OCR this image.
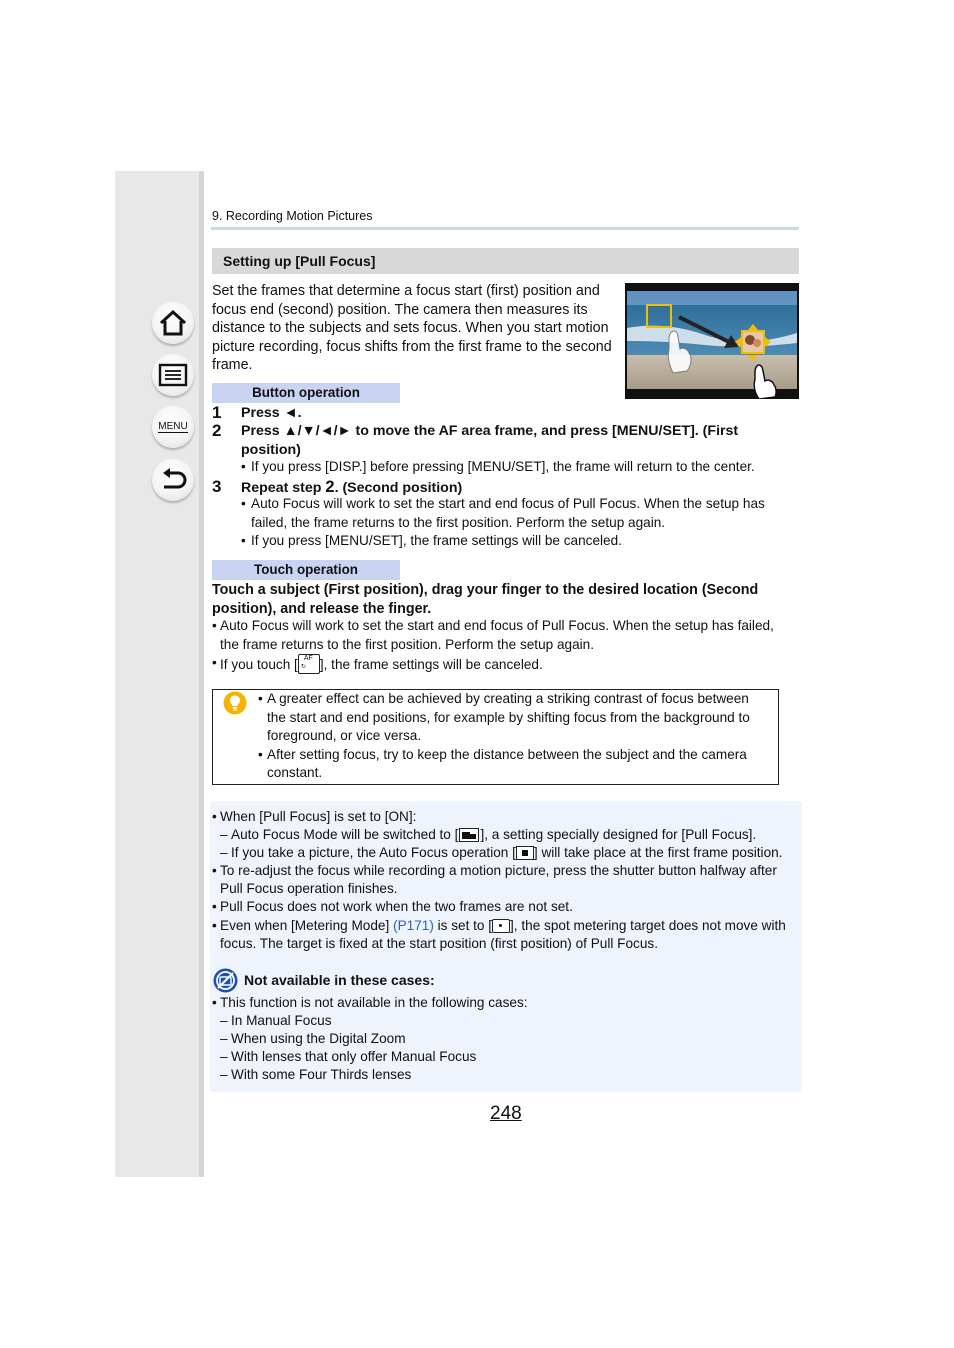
MENU
9. Recording Motion Pictures
Setting up [Pull Focus]
Set the frames that determine a focus start (first) position and focus end (second) position. The camera then measures its distance to the subjects and sets focus. When you start motion picture recording, focus shifts from the first frame to the second frame.
Button operation
1 Press ◄.
2 Press ▲/▼/◄/► to move the AF area frame, and press [MENU/SET]. (First position)
• If you press [DISP.] before pressing [MENU/SET], the frame will return to the center.
3 Repeat step 2. (Second position)
• Auto Focus will work to set the start and end focus of Pull Focus. When the setup has failed, the frame returns to the first position. Perform the setup again.
• If you press [MENU/SET], the frame settings will be canceled.
Touch operation
Touch a subject (First position), drag your finger to the desired location (Second position), and release the finger.
• Auto Focus will work to set the start and end focus of Pull Focus. When the setup has failed, the frame returns to the first position. Perform the setup again.
• If you touch [ AF
↻ ], the frame settings will be canceled.
• A greater effect can be achieved by creating a striking contrast of focus between the start and end positions, for example by shifting focus from the background to foreground, or vice versa.
• After setting focus, try to keep the distance between the subject and the camera constant.
• When [Pull Focus] is set to [ON]:
– Auto Focus Mode will be switched to [ ], a setting specially designed for [Pull Focus].
– If you take a picture, the Auto Focus operation [ ] will take place at the first frame position.
• To re-adjust the focus while recording a motion picture, press the shutter button halfway after Pull Focus operation finishes.
• Pull Focus does not work when the two frames are not set.
• Even when [Metering Mode] (P171) is set to [ ], the spot metering target does not move with focus. The target is fixed at the start position (first position) of Pull Focus.
Not available in these cases:
• This function is not available in the following cases:
– In Manual Focus
– When using the Digital Zoom
– With lenses that only offer Manual Focus
– With some Four Thirds lenses
248
